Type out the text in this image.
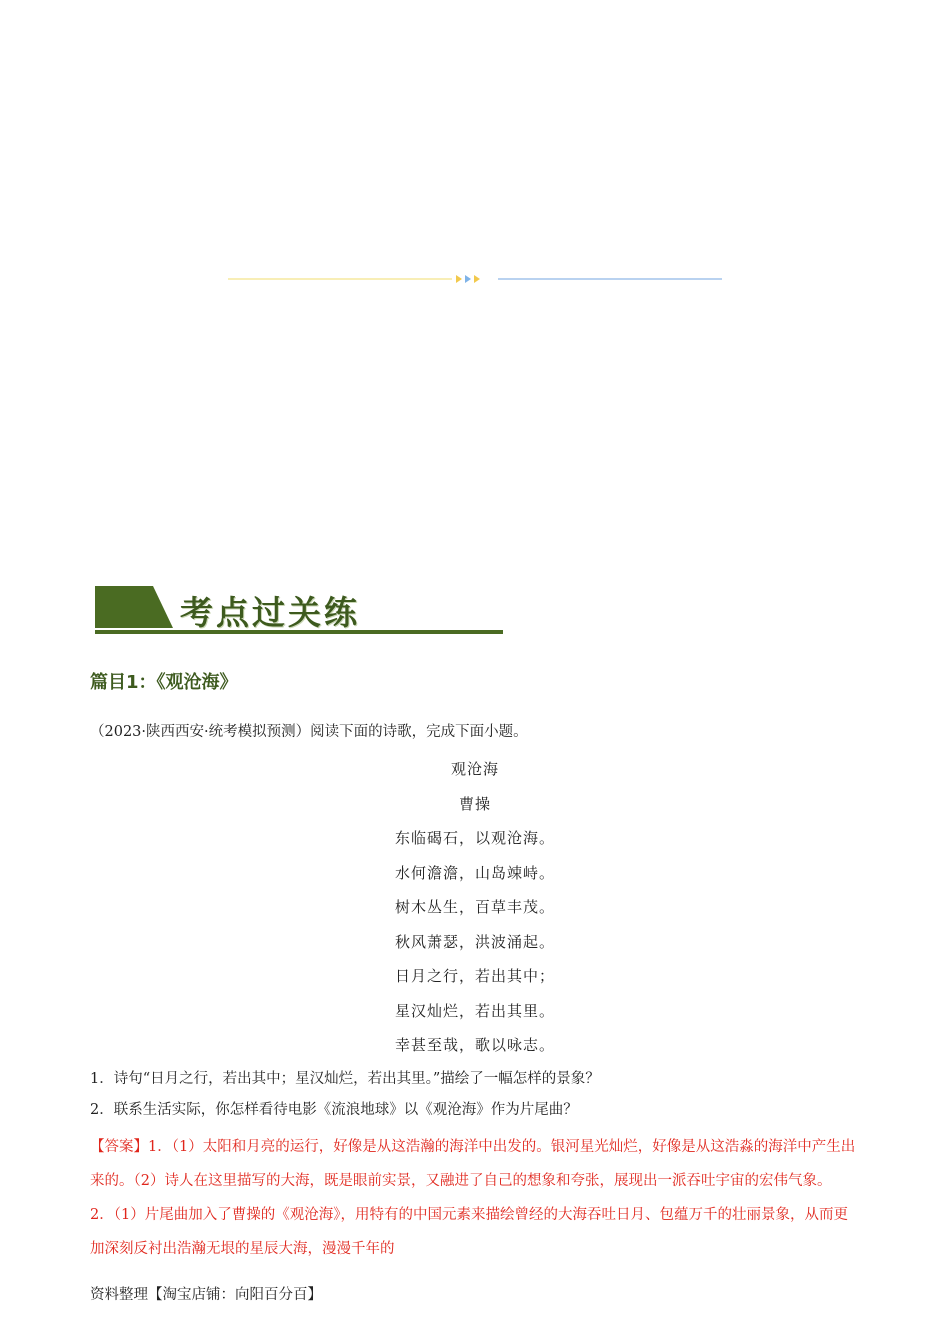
考点过关练
篇目1：《观沧海》
（2023·陕西西安·统考模拟预测）阅读下面的诗歌，完成下面小题。
观沧海
曹操
东临碣石，以观沧海。
水何澹澹，山岛竦峙。
树木丛生，百草丰茂。
秋风萧瑟，洪波涌起。
日月之行，若出其中；
星汉灿烂，若出其里。
幸甚至哉，歌以咏志。
1．诗句“日月之行，若出其中；星汉灿烂，若出其里。”描绘了一幅怎样的景象？
2．联系生活实际，你怎样看待电影《流浪地球》以《观沧海》作为片尾曲？
【答案】1．（1）太阳和月亮的运行，好像是从这浩瀚的海洋中出发的。银河星光灿烂，好像是从这浩淼的海洋中产生出来的。（2）诗人在这里描写的大海，既是眼前实景，又融进了自己的想象和夸张，展现出一派吞吐宇宙的宏伟气象。　　2．（1）片尾曲加入了曹操的《观沧海》，用特有的中国元素来描绘曾经的大海吞吐日月、包蕴万千的壮丽景象，从而更加深刻反衬出浩瀚无垠的星辰大海，漫漫千年的
资料整理【淘宝店铺：向阳百分百】
